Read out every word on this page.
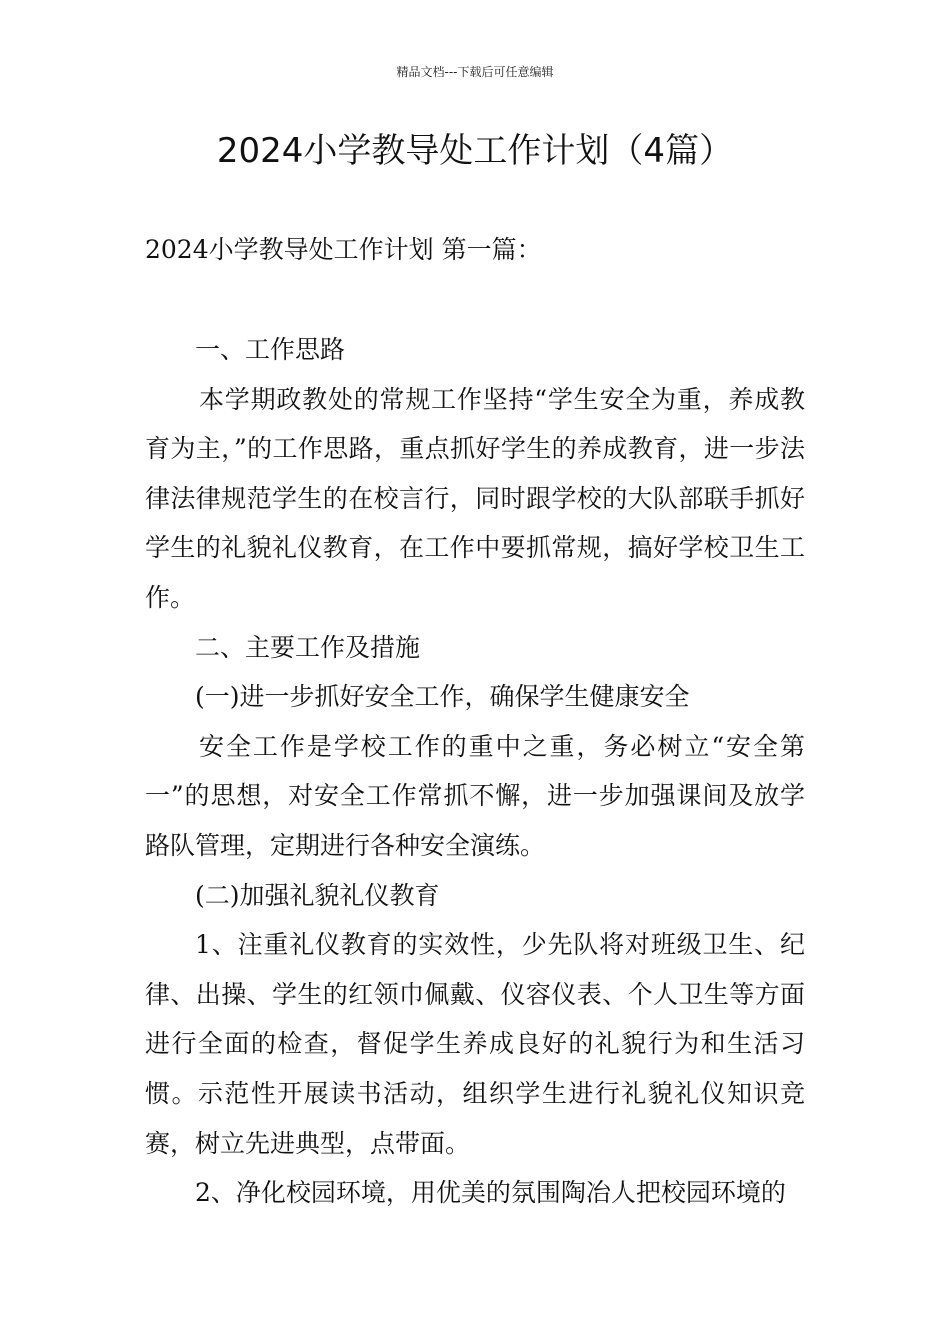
精品文档---下载后可任意编辑
2024小学教导处工作计划（4篇）
2024小学教导处工作计划 第一篇：

一、工作思路

本学期政教处的常规工作坚持“学生安全为重，养成教育为主，”的工作思路，重点抓好学生的养成教育，进一步法律法律规范学生的在校言行，同时跟学校的大队部联手抓好学生的礼貌礼仪教育，在工作中要抓常规，搞好学校卫生工作。

二、主要工作及措施

(一)进一步抓好安全工作，确保学生健康安全

安全工作是学校工作的重中之重，务必树立“安全第一”的思想，对安全工作常抓不懈，进一步加强课间及放学路队管理，定期进行各种安全演练。

(二)加强礼貌礼仪教育

1、注重礼仪教育的实效性，少先队将对班级卫生、纪律、出操、学生的红领巾佩戴、仪容仪表、个人卫生等方面进行全面的检查，督促学生养成良好的礼貌行为和生活习惯。示范性开展读书活动，组织学生进行礼貌礼仪知识竞赛，树立先进典型，点带面。

2、净化校园环境，用优美的氛围陶冶人把校园环境的
